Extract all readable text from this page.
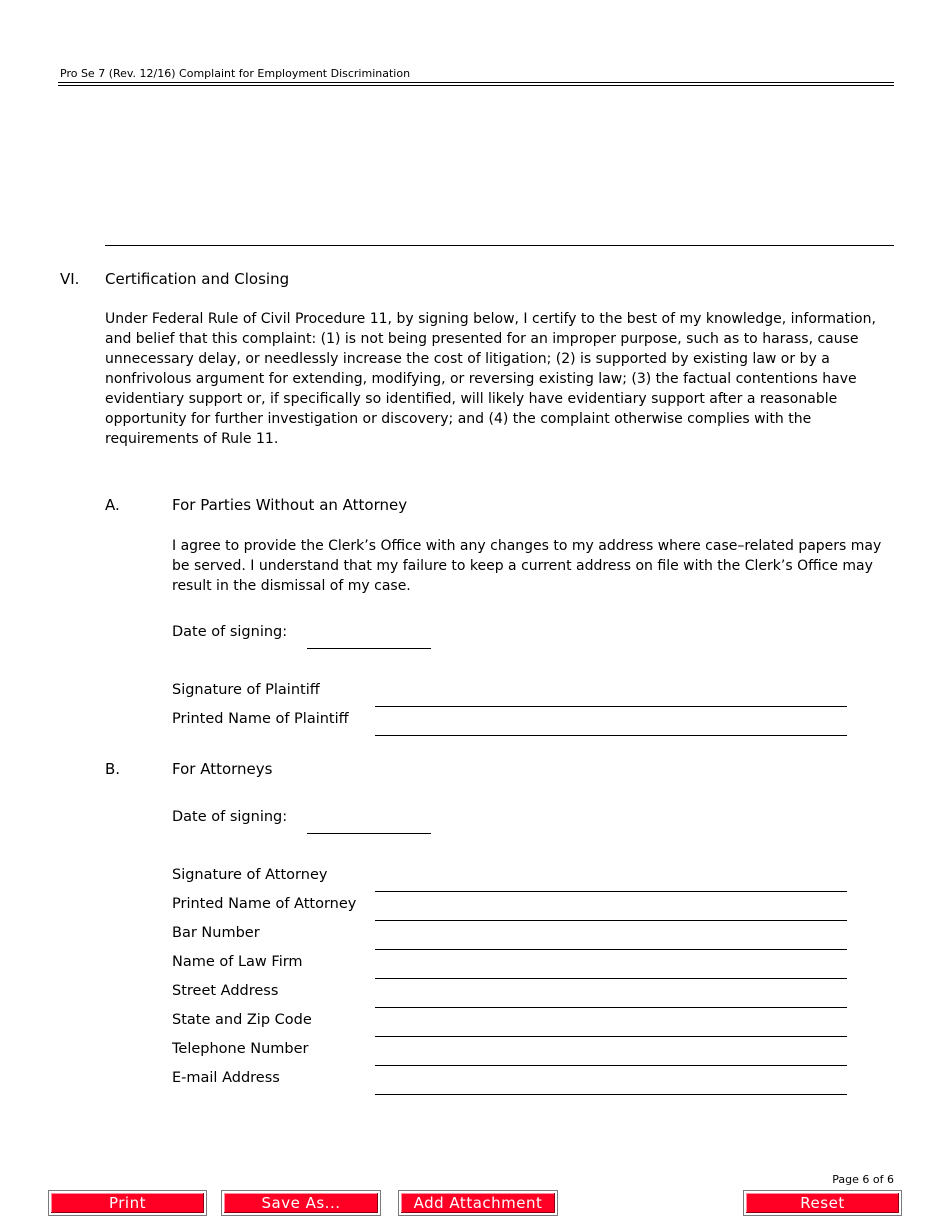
Pro Se 7 (Rev. 12/16) Complaint for Employment Discrimination
VI. Certification and Closing
Under Federal Rule of Civil Procedure 11, by signing below, I certify to the best of my knowledge, information, and belief that this complaint: (1) is not being presented for an improper purpose, such as to harass, cause unnecessary delay, or needlessly increase the cost of litigation; (2) is supported by existing law or by a nonfrivolous argument for extending, modifying, or reversing existing law; (3) the factual contentions have evidentiary support or, if specifically so identified, will likely have evidentiary support after a reasonable opportunity for further investigation or discovery; and (4) the complaint otherwise complies with the requirements of Rule 11.
A.	For Parties Without an Attorney
I agree to provide the Clerk’s Office with any changes to my address where case–related papers may be served. I understand that my failure to keep a current address on file with the Clerk’s Office may result in the dismissal of my case.
Date of signing:
Signature of Plaintiff
Printed Name of Plaintiff
B.	For Attorneys
Date of signing:
Signature of Attorney
Printed Name of Attorney
Bar Number
Name of Law Firm
Street Address
State and Zip Code
Telephone Number
E-mail Address
Page 6 of 6
Print	Save As...	Add Attachment	Reset
